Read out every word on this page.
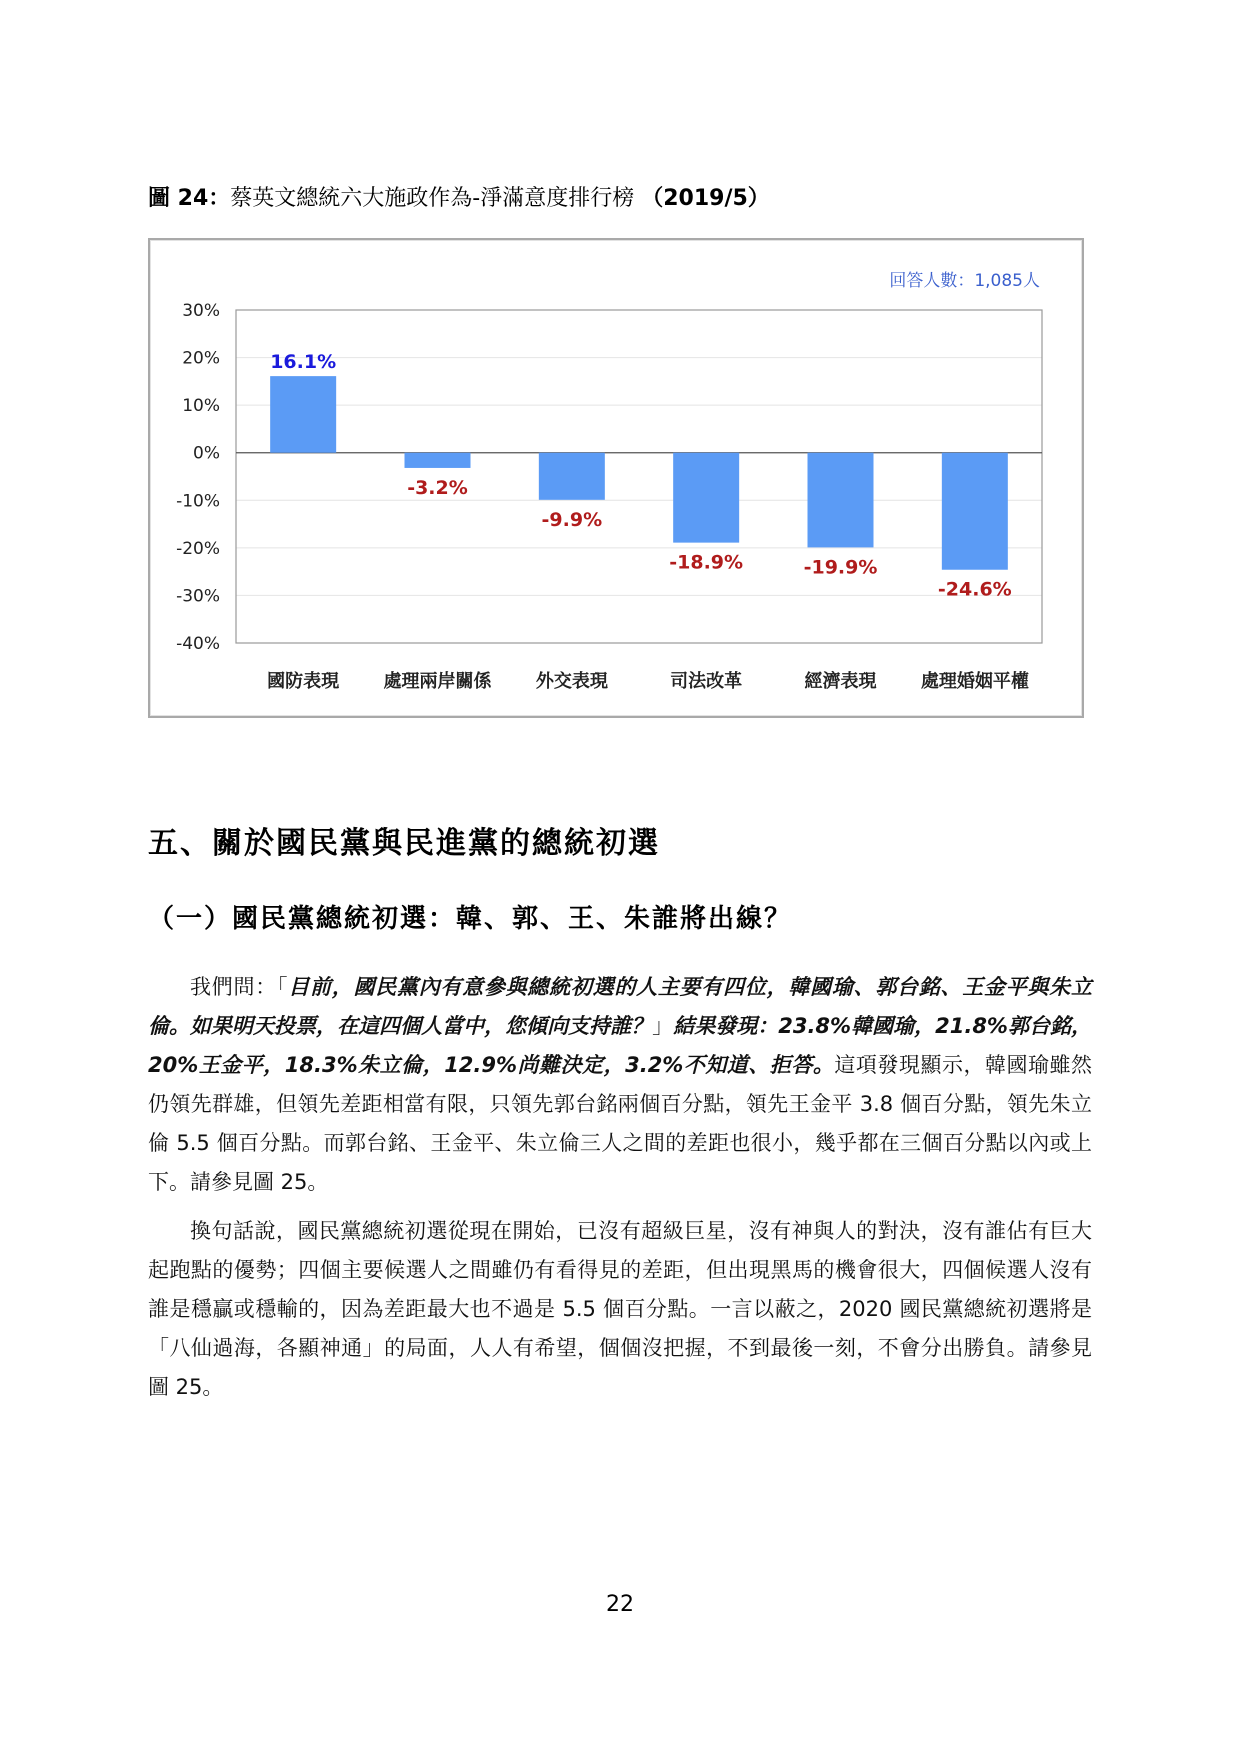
圖 24：蔡英文總統六大施政作為-淨滿意度排行榜 （2019/5）
30%
20%
10%
0%
-10%
-20%
-30%
-40%
16.1%
國防表現
-3.2%
處理兩岸關係
-9.9%
外交表現
-18.9%
司法改革
-19.9%
經濟表現
-24.6%
處理婚姻平權
回答人數：1,085人
五、關於國民黨與民進黨的總統初選
（一）國民黨總統初選：韓、郭、王、朱誰將出線？

我們問：「目前，國民黨內有意參與總統初選的人主要有四位，韓國瑜、郭台銘、王金平與朱立倫。如果明天投票，在這四個人當中，您傾向支持誰？」結果發現：23.8%韓國瑜，21.8%郭台銘，20%王金平，18.3%朱立倫，12.9%尚難決定，3.2%不知道、拒答。這項發現顯示，韓國瑜雖然仍領先群雄，但領先差距相當有限，只領先郭台銘兩個百分點，領先王金平 3.8 個百分點，領先朱立倫 5.5 個百分點。而郭台銘、王金平、朱立倫三人之間的差距也很小，幾乎都在三個百分點以內或上下。請參見圖 25。

換句話說，國民黨總統初選從現在開始，已沒有超級巨星，沒有神與人的對決，沒有誰佔有巨大起跑點的優勢；四個主要候選人之間雖仍有看得見的差距，但出現黑馬的機會很大，四個候選人沒有誰是穩贏或穩輸的，因為差距最大也不過是 5.5 個百分點。一言以蔽之，2020 國民黨總統初選將是「八仙過海，各顯神通」的局面，人人有希望，個個沒把握，不到最後一刻，不會分出勝負。請參見圖 25。

22
